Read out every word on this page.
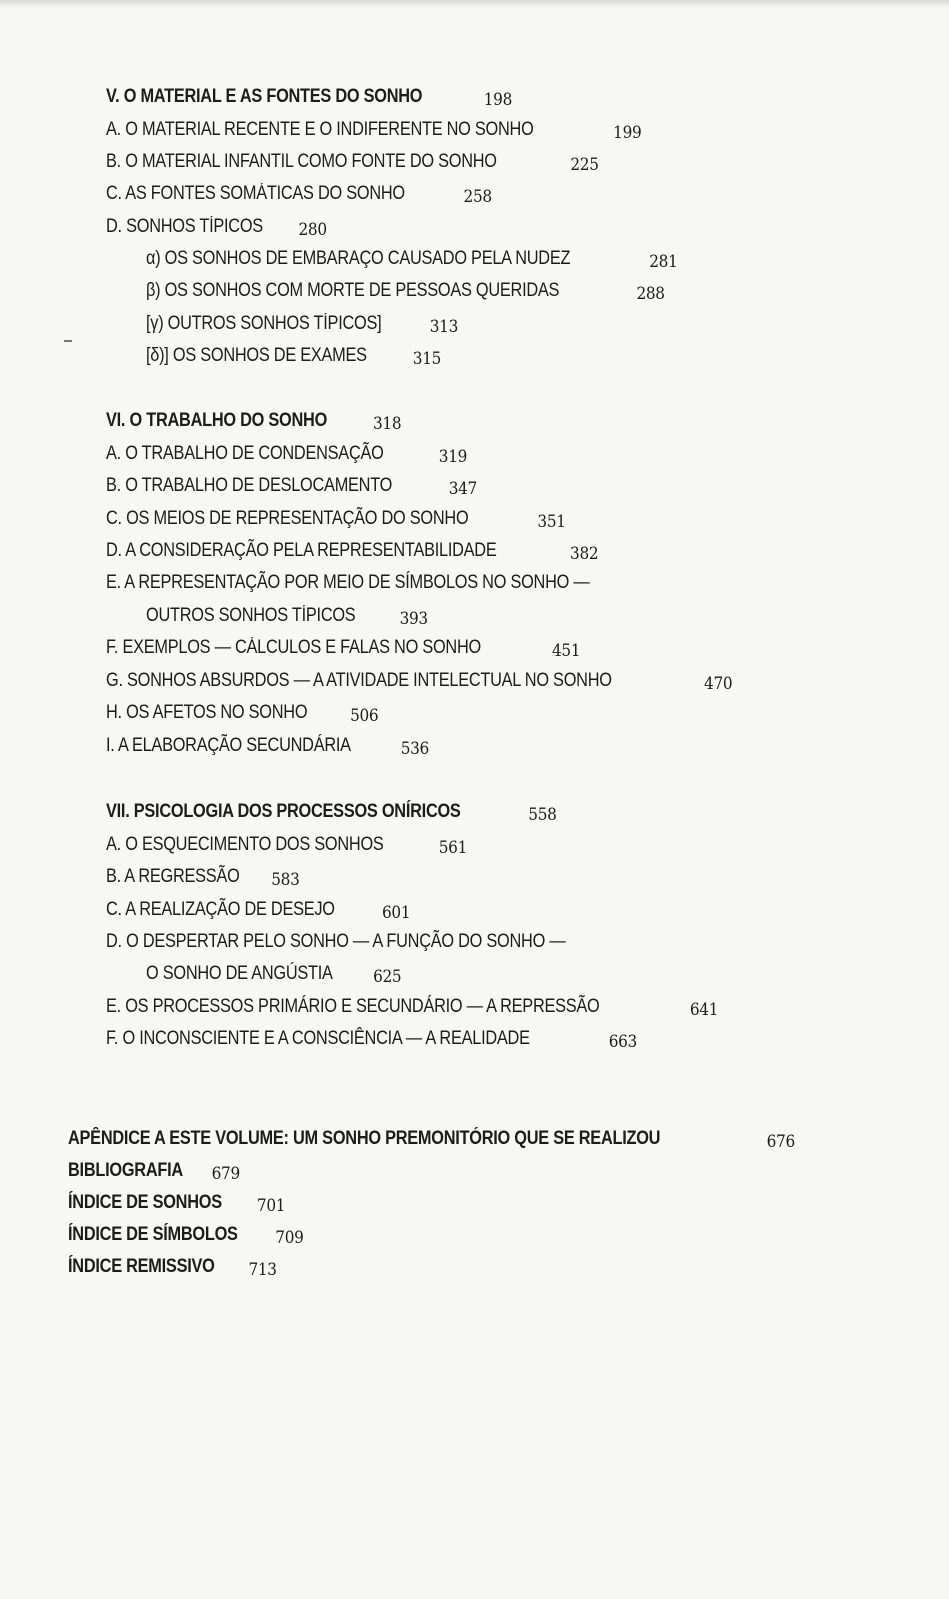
V. O MATERIAL E AS FONTES DO SONHO	198
A. O MATERIAL RECENTE E O INDIFERENTE NO SONHO	199
B. O MATERIAL INFANTIL COMO FONTE DO SONHO	225
C. AS FONTES SOMÁTICAS DO SONHO	258
D. SONHOS TÍPICOS 280
α) OS SONHOS DE EMBARAÇO CAUSADO PELA NUDEZ	281
β) OS SONHOS COM MORTE DE PESSOAS QUERIDAS	288
[γ) OUTROS SONHOS TÍPICOS]	313
[δ)] OS SONHOS DE EXAMES	315
VI. O TRABALHO DO SONHO	318
A. O TRABALHO DE CONDENSAÇÃO	319
B. O TRABALHO DE DESLOCAMENTO	347
C. OS MEIOS DE REPRESENTAÇÃO DO SONHO	351
D. A CONSIDERAÇÃO PELA REPRESENTABILIDADE	382
E. A REPRESENTAÇÃO POR MEIO DE SÍMBOLOS NO SONHO —
OUTROS SONHOS TÍPICOS	393
F. EXEMPLOS — CÁLCULOS E FALAS NO SONHO	451
G. SONHOS ABSURDOS — A ATIVIDADE INTELECTUAL NO SONHO	470
H. OS AFETOS NO SONHO	506
I. A ELABORAÇÃO SECUNDÁRIA	536
VII. PSICOLOGIA DOS PROCESSOS ONÍRICOS	558
A. O ESQUECIMENTO DOS SONHOS	561
B. A REGRESSÃO 583
C. A REALIZAÇÃO DE DESEJO	601
D. O DESPERTAR PELO SONHO — A FUNÇÃO DO SONHO —
O SONHO DE ANGÚSTIA 625
E. OS PROCESSOS PRIMÁRIO E SECUNDÁRIO — A REPRESSÃO	641
F. O INCONSCIENTE E A CONSCIÊNCIA — A REALIDADE	663
APÊNDICE A ESTE VOLUME: UM SONHO PREMONITÓRIO QUE SE REALIZOU	676
BIBLIOGRAFIA 679
ÍNDICE DE SONHOS 701
ÍNDICE DE SÍMBOLOS 709
ÍNDICE REMISSIVO 713
